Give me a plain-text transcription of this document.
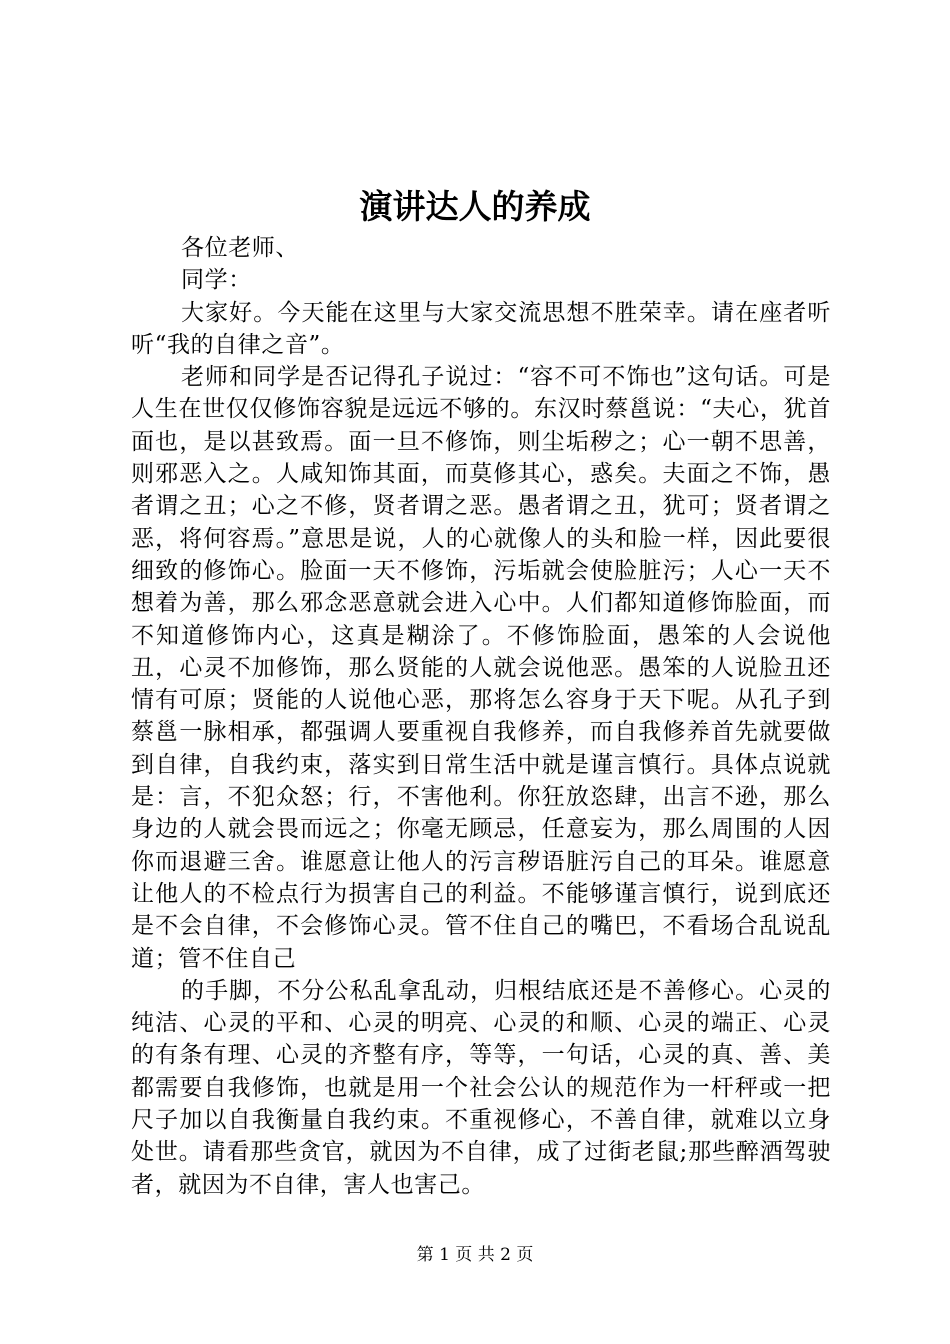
演讲达人的养成

各位老师、

同学：

大家好。今天能在这里与大家交流思想不胜荣幸。请在座者听听“我的自律之音”。

老师和同学是否记得孔子说过：“容不可不饰也”这句话。可是人生在世仅仅修饰容貌是远远不够的。东汉时蔡邕说：“夫心，犹首面也，是以甚致焉。面一旦不修饰，则尘垢秽之；心一朝不思善，则邪恶入之。人咸知饰其面，而莫修其心，惑矣。夫面之不饰，愚者谓之丑；心之不修，贤者谓之恶。愚者谓之丑，犹可；贤者谓之恶，将何容焉。”意思是说，人的心就像人的头和脸一样，因此要很细致的修饰心。脸面一天不修饰，污垢就会使脸脏污；人心一天不想着为善，那么邪念恶意就会进入心中。人们都知道修饰脸面，而不知道修饰内心，这真是糊涂了。不修饰脸面，愚笨的人会说他丑，心灵不加修饰，那么贤能的人就会说他恶。愚笨的人说脸丑还情有可原；贤能的人说他心恶，那将怎么容身于天下呢。从孔子到蔡邕一脉相承，都强调人要重视自我修养，而自我修养首先就要做到自律，自我约束，落实到日常生活中就是谨言慎行。具体点说就是：言，不犯众怒；行，不害他利。你狂放恣肆，出言不逊，那么身边的人就会畏而远之；你毫无顾忌，任意妄为，那么周围的人因你而退避三舍。谁愿意让他人的污言秽语脏污自己的耳朵。谁愿意让他人的不检点行为损害自己的利益。不能够谨言慎行，说到底还是不会自律，不会修饰心灵。管不住自己的嘴巴，不看场合乱说乱道；管不住自己

的手脚，不分公私乱拿乱动，归根结底还是不善修心。心灵的纯洁、心灵的平和、心灵的明亮、心灵的和顺、心灵的端正、心灵的有条有理、心灵的齐整有序，等等，一句话，心灵的真、善、美都需要自我修饰，也就是用一个社会公认的规范作为一杆秤或一把尺子加以自我衡量自我约束。不重视修心，不善自律，就难以立身处世。请看那些贪官，就因为不自律，成了过街老鼠;那些醉酒驾驶者，就因为不自律，害人也害己。

第 1 页 共 2 页
